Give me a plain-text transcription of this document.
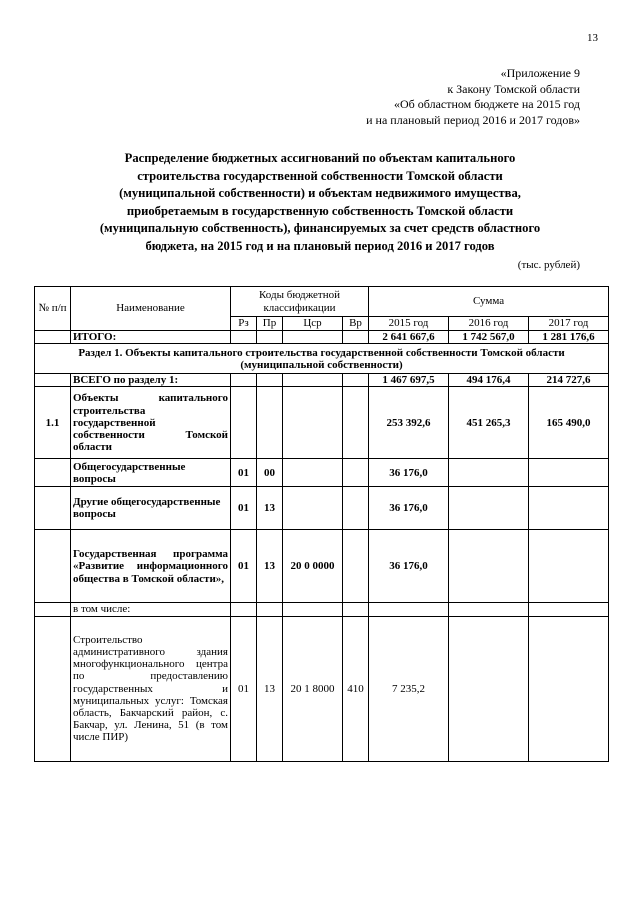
13
«Приложение 9
к Закону Томской области
«Об областном бюджете на 2015 год
и на плановый период 2016 и 2017 годов»
Распределение бюджетных ассигнований по объектам капитального
строительства государственной собственности Томской области
(муниципальной собственности) и объектам недвижимого имущества,
приобретаемым в государственную собственность Томской области
(муниципальную собственность), финансируемых за счет средств областного
бюджета, на 2015 год и на плановый период 2016 и 2017 годов
(тыс. рублей)
№ п/п	Наименование	Коды бюджетной классификации				Сумма		
		Рз	Пр	Цср	Вр	2015 год	2016 год	2017 год
	ИТОГО:					2 641 667,6	1 742 567,0	1 281 176,6
Раздел 1. Объекты капитального строительства государственной собственности Томской области (муниципальной собственности)								
	ВСЕГО по разделу 1:					1 467 697,5	494 176,4	214 727,6
1.1	Объекты капитального строительства государственной собственности Томской области					253 392,6	451 265,3	165 490,0
	Общегосударственные вопросы	01	00			36 176,0		
	Другие общегосударственные вопросы	01	13			36 176,0		
	Государственная программа «Развитие информационного общества в Томской области»,	01	13	20 0 0000		36 176,0		
	в том числе:							
	Строительство административного здания многофункционального центра по предоставлению государственных и муниципальных услуг: Томская область, Бакчарский район, с. Бакчар, ул. Ленина, 51 (в том числе ПИР)	01	13	20 1 8000	410	7 235,2		
